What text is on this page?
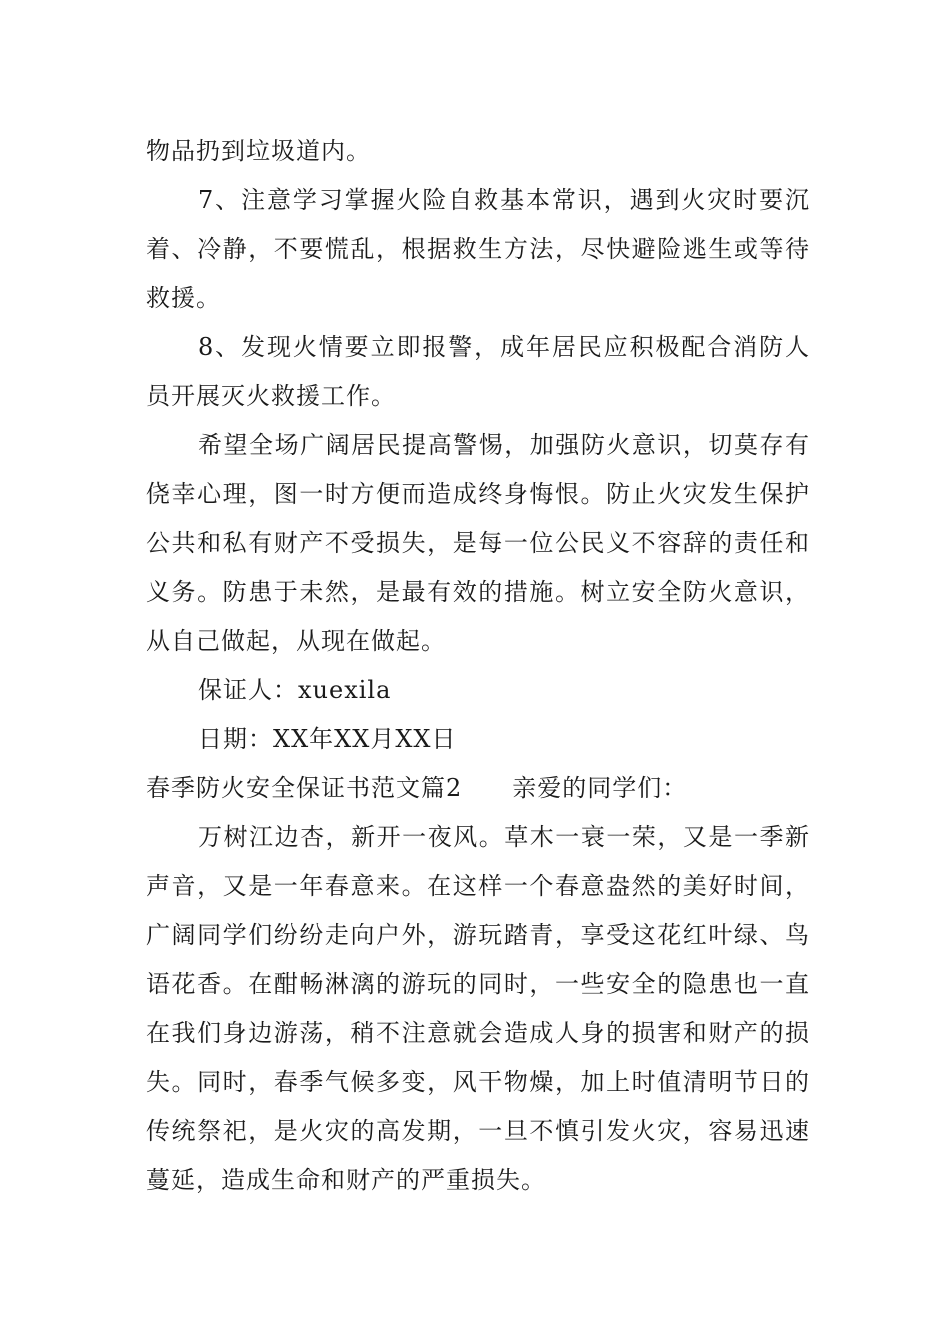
物品扔到垃圾道内。

7、注意学习掌握火险自救基本常识，遇到火灾时要沉着、冷静，不要慌乱，根据救生方法，尽快避险逃生或等待救援。

8、发现火情要立即报警，成年居民应积极配合消防人员开展灭火救援工作。

希望全场广阔居民提高警惕，加强防火意识，切莫存有侥幸心理，图一时方便而造成终身悔恨。防止火灾发生保护公共和私有财产不受损失，是每一位公民义不容辞的责任和义务。防患于未然，是最有效的措施。树立安全防火意识，从自己做起，从现在做起。

保证人：xuexila

日期：XX年XX月XX日

春季防火安全保证书范文篇2　　亲爱的同学们：

万树江边杏，新开一夜风。草木一衰一荣，又是一季新声音，又是一年春意来。在这样一个春意盎然的美好时间，广阔同学们纷纷走向户外，游玩踏青，享受这花红叶绿、鸟语花香。在酣畅淋漓的游玩的同时，一些安全的隐患也一直在我们身边游荡，稍不注意就会造成人身的损害和财产的损失。同时，春季气候多变，风干物燥，加上时值清明节日的传统祭祀，是火灾的高发期，一旦不慎引发火灾，容易迅速蔓延，造成生命和财产的严重损失。
